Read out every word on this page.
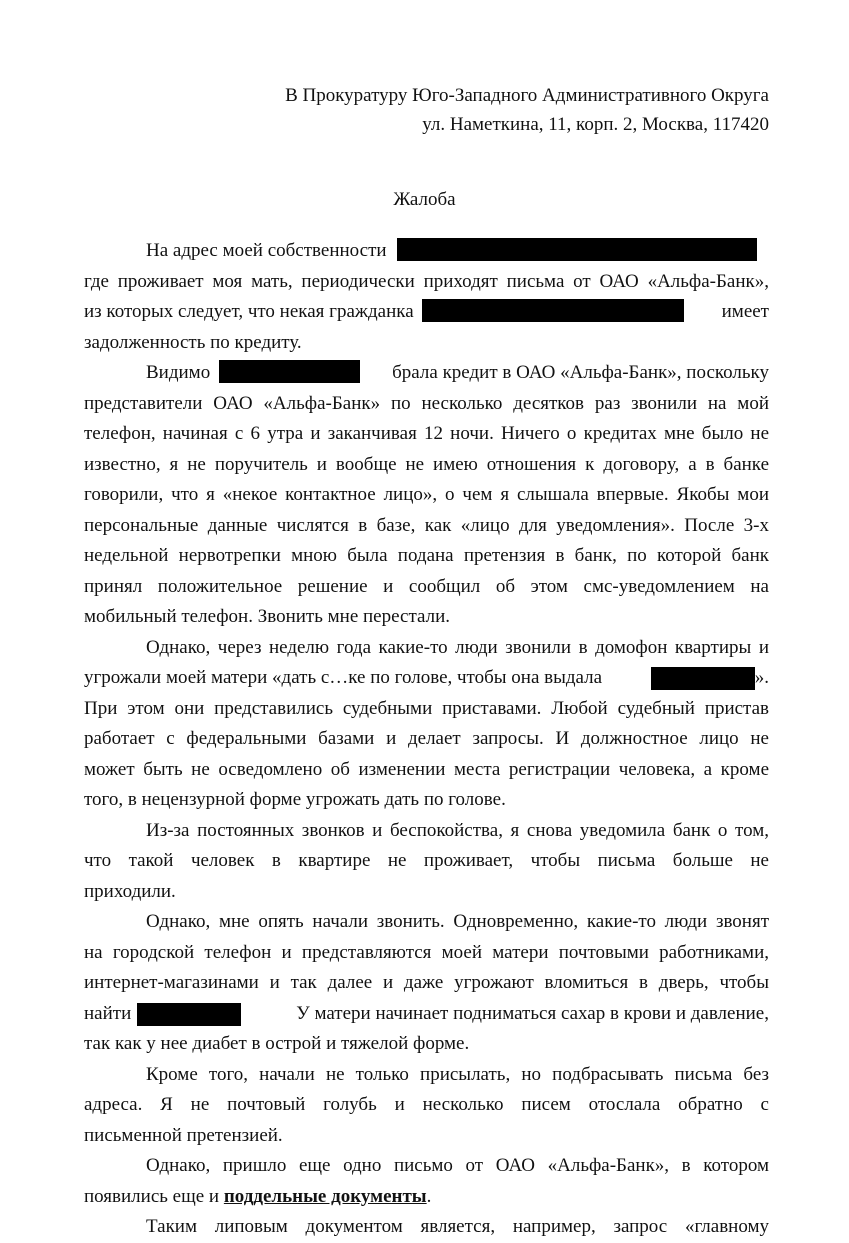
В Прокуратуру Юго-Западного Административного Округа
ул. Наметкина, 11, корп. 2, Москва, 117420
Жалоба
На адрес моей собственности
где проживает моя мать, периодически приходят письма от ОАО «Альфа-Банк»,
из которых следует, что некая гражданка	имеет
задолженность по кредиту.
Видимо	брала кредит в ОАО «Альфа-Банк», поскольку
представители ОАО «Альфа-Банк» по несколько десятков раз звонили на мой
телефон, начиная с 6 утра и заканчивая 12 ночи. Ничего о кредитах мне было не
известно, я не поручитель и вообще не имею отношения к договору, а в банке
говорили, что я «некое контактное лицо», о чем я слышала впервые. Якобы мои
персональные данные числятся в базе, как «лицо для уведомления». После 3-х
недельной нервотрепки мною была подана претензия в банк, по которой банк
принял положительное решение и сообщил об этом смс-уведомлением на
мобильный телефон. Звонить мне перестали.
Однако, через неделю года какие-то люди звонили в домофон квартиры и
угрожали моей матери «дать с…ке по голове, чтобы она выдала	».
При этом они представились судебными приставами. Любой судебный пристав
работает с федеральными базами и делает запросы. И должностное лицо не
может быть не осведомлено об изменении места регистрации человека, а кроме
того, в нецензурной форме угрожать дать по голове.
Из-за постоянных звонков и беспокойства, я снова уведомила банк о том,
что такой человек в квартире не проживает, чтобы письма больше не
приходили.
Однако, мне опять начали звонить. Одновременно, какие-то люди звонят
на городской телефон и представляются моей матери почтовыми работниками,
интернет-магазинами и так далее и даже угрожают вломиться в дверь, чтобы
найти	У матери начинает подниматься сахар в крови и давление,
так как у нее диабет в острой и тяжелой форме.
Кроме того, начали не только присылать, но подбрасывать письма без
адреса. Я не почтовый голубь и несколько писем отослала обратно с
письменной претензией.
Однако, пришло еще одно письмо от ОАО «Альфа-Банк», в котором
появились еще и поддельные документы.
Таким липовым документом является, например, запрос «главному
